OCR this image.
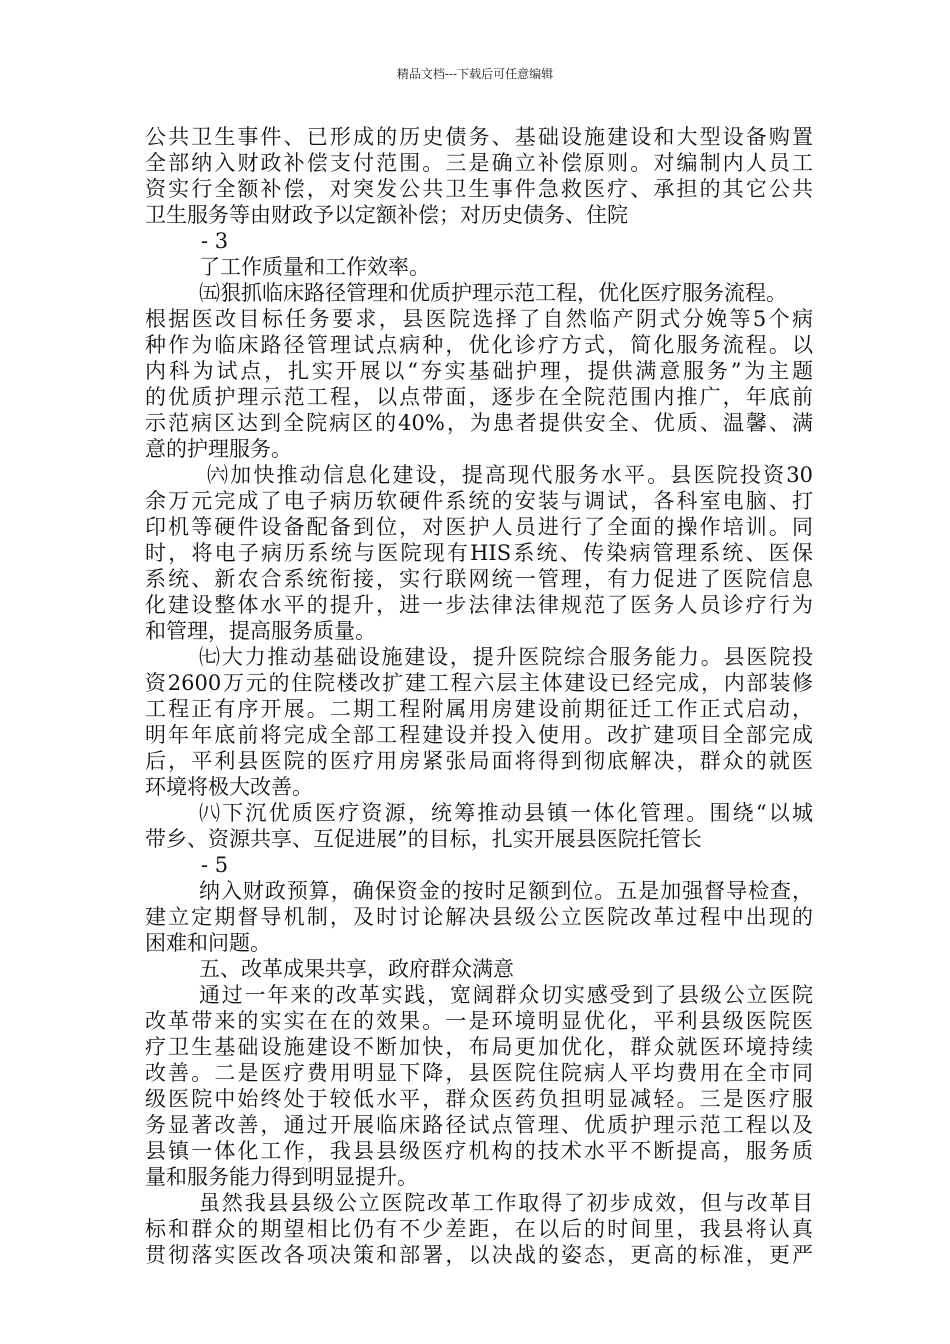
精品文档---下载后可任意编辑
公共卫生事件、已形成的历史债务、基础设施建设和大型设备购置
全部纳入财政补偿支付范围。三是确立补偿原则。对编制内人员工
资实行全额补偿，对突发公共卫生事件急救医疗、承担的其它公共
卫生服务等由财政予以定额补偿；对历史债务、住院
- 3
了工作质量和工作效率。
㈤狠抓临床路径管理和优质护理示范工程，优化医疗服务流程。
根据医改目标任务要求，县医院选择了自然临产阴式分娩等5个病
种作为临床路径管理试点病种，优化诊疗方式，简化服务流程。以
内科为试点，扎实开展以“夯实基础护理，提供满意服务”为主题
的优质护理示范工程，以点带面，逐步在全院范围内推广，年底前
示范病区达到全院病区的40%，为患者提供安全、优质、温馨、满
意的护理服务。
㈥加快推动信息化建设，提高现代服务水平。县医院投资30
余万元完成了电子病历软硬件系统的安装与调试，各科室电脑、打
印机等硬件设备配备到位，对医护人员进行了全面的操作培训。同
时，将电子病历系统与医院现有HIS系统、传染病管理系统、医保
系统、新农合系统衔接，实行联网统一管理，有力促进了医院信息
化建设整体水平的提升，进一步法律法律规范了医务人员诊疗行为
和管理，提高服务质量。
㈦大力推动基础设施建设，提升医院综合服务能力。县医院投
资2600万元的住院楼改扩建工程六层主体建设已经完成，内部装修
工程正有序开展。二期工程附属用房建设前期征迁工作正式启动，
明年年底前将完成全部工程建设并投入使用。改扩建项目全部完成
后，平利县医院的医疗用房紧张局面将得到彻底解决，群众的就医
环境将极大改善。
㈧下沉优质医疗资源，统筹推动县镇一体化管理。围绕“以城
带乡、资源共享、互促进展”的目标，扎实开展县医院托管长
- 5
纳入财政预算，确保资金的按时足额到位。五是加强督导检查，
建立定期督导机制，及时讨论解决县级公立医院改革过程中出现的
困难和问题。
五、改革成果共享，政府群众满意
通过一年来的改革实践，宽阔群众切实感受到了县级公立医院
改革带来的实实在在的效果。一是环境明显优化，平利县级医院医
疗卫生基础设施建设不断加快，布局更加优化，群众就医环境持续
改善。二是医疗费用明显下降，县医院住院病人平均费用在全市同
级医院中始终处于较低水平，群众医药负担明显减轻。三是医疗服
务显著改善，通过开展临床路径试点管理、优质护理示范工程以及
县镇一体化工作，我县县级医疗机构的技术水平不断提高，服务质
量和服务能力得到明显提升。
虽然我县县级公立医院改革工作取得了初步成效，但与改革目
标和群众的期望相比仍有不少差距，在以后的时间里，我县将认真
贯彻落实医改各项决策和部署，以决战的姿态，更高的标准，更严
